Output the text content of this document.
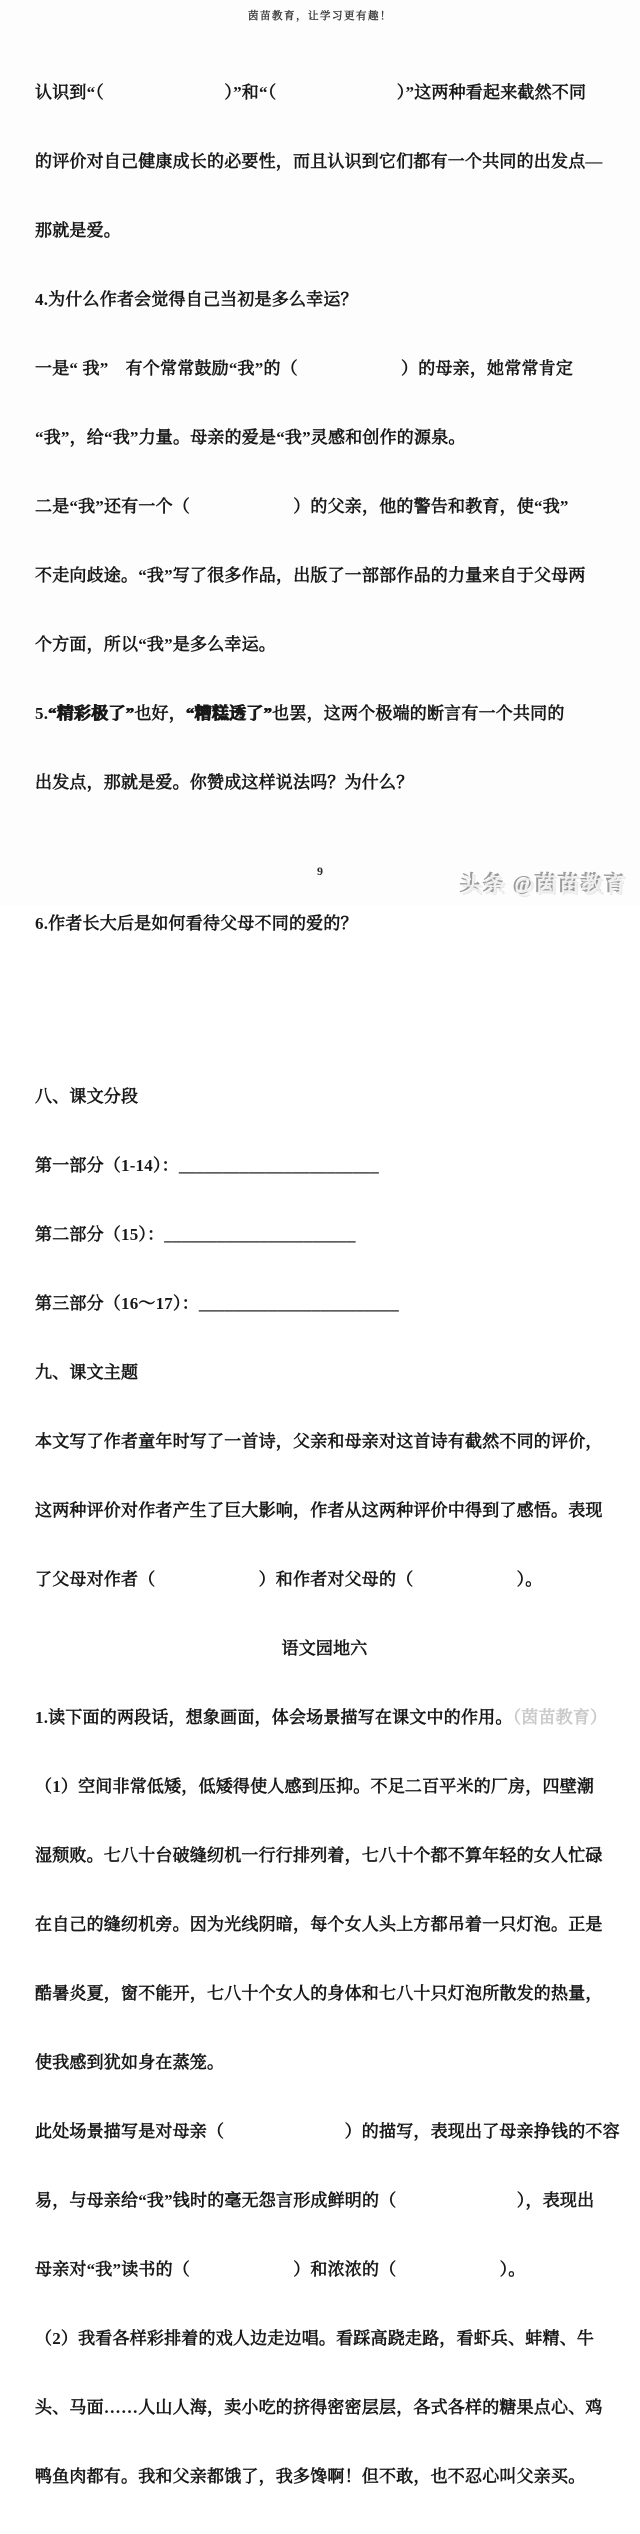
茵苗教育，让学习更有趣！

认识到“（　　　　　　　）”和“（　　　　　　　）”这两种看起来截然不同

的评价对自己健康成长的必要性，而且认识到它们都有一个共同的出发点—

那就是爱。

4.为什么作者会觉得自己当初是多么幸运？

一是“ 我”　有个常常鼓励“我”的（　　　　　　）的母亲，她常常肯定

“我”，给“我”力量。母亲的爱是“我”灵感和创作的源泉。

二是“我”还有一个（　　　　　　）的父亲，他的警告和教育，使“我”

不走向歧途。“我”写了很多作品，出版了一部部作品的力量来自于父母两

个方面，所以“我”是多么幸运。

5.“精彩极了”也好，“糟糕透了”也罢，这两个极端的断言有一个共同的

出发点，那就是爱。你赞成这样说法吗？为什么？

6.作者长大后是如何看待父母不同的爱的？

八、课文分段

第一部分（1-14）：_______________________

第二部分（15）：______________________

第三部分（16～17）：_______________________

九、课文主题

本文写了作者童年时写了一首诗，父亲和母亲对这首诗有截然不同的评价，

这两种评价对作者产生了巨大影响，作者从这两种评价中得到了感悟。表现

了父母对作者（　　　　　　）和作者对父母的（　　　　　　）。

语文园地六

1.读下面的两段话，想象画面，体会场景描写在课文中的作用。（茵苗教育）

（1）空间非常低矮，低矮得使人感到压抑。不足二百平米的厂房，四壁潮

湿颓败。七八十台破缝纫机一行行排列着，七八十个都不算年轻的女人忙碌

在自己的缝纫机旁。因为光线阴暗，每个女人头上方都吊着一只灯泡。正是

酷暑炎夏，窗不能开，七八十个女人的身体和七八十只灯泡所散发的热量，

使我感到犹如身在蒸笼。

此处场景描写是对母亲（　　　　　　　）的描写，表现出了母亲挣钱的不容

易，与母亲给“我”钱时的毫无怨言形成鲜明的（　　　　　　　），表现出

母亲对“我”读书的（　　　　　　）和浓浓的（　　　　　　）。

（2）我看各样彩排着的戏人边走边唱。看踩高跷走路，看虾兵、蚌精、牛

头、马面……人山人海，卖小吃的挤得密密层层，各式各样的糖果点心、鸡

鸭鱼肉都有。我和父亲都饿了，我多馋啊！但不敢，也不忍心叫父亲买。

9
头条 @茵苗教育
